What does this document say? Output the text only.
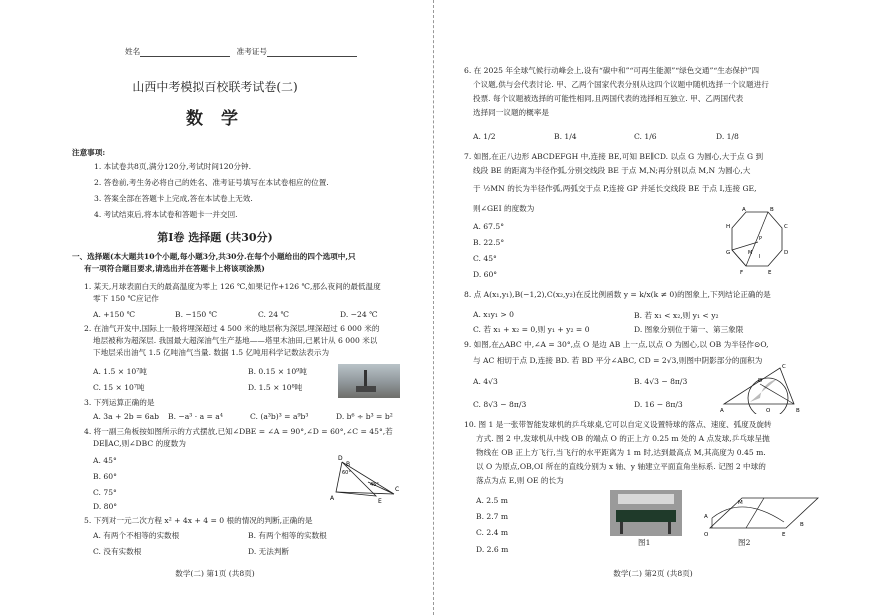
姓名	准考证号
山西中考模拟百校联考试卷(二)
数 学
注意事项:
1. 本试卷共8页,满分120分,考试时间120分钟.
2. 答卷前,考生务必将自己的姓名、准考证号填写在本试卷相应的位置.
3. 答案全部在答题卡上完成,答在本试卷上无效.
4. 考试结束后,将本试卷和答题卡一并交回.
第Ⅰ卷 选择题 (共30分)
一、选择题(本大题共10个小题,每小题3分,共30分.在每个小题给出的四个选项中,只
有一项符合题目要求,请选出并在答题卡上将该项涂黑)
1. 某天,月球表面白天的最高温度为零上 126 ℃,如果记作+126 ℃,那么夜间的最低温度
零下 150 ℃应记作
A. +150 ℃	B. −150 ℃	C. 24 ℃	D. −24 ℃
2. 在油气开发中,国际上一般将埋深超过 4 500 米的地层称为深层,埋深超过 6 000 米的
地层被称为超深层. 我国最大超深油气生产基地——塔里木油田,已累计从 6 000 米以
下地层采出油气 1.5 亿吨油气当量. 数据 1.5 亿吨用科学记数法表示为
A. 1.5 × 10⁷吨	B. 0.15 × 10⁹吨
C. 15 × 10⁷吨	D. 1.5 × 10⁸吨
3. 下列运算正确的是
A. 3a + 2b = 6ab B. −a³ · a = a⁴	C. (a³b)³ = a⁹b³	D. b⁶ ÷ b³ = b²
4. 将一副三角板按如图所示的方式摆放,已知∠DBE = ∠A = 90°,∠D = 60°,∠C = 45°,若
DE∥AC,则∠DBC 的度数为
A. 45°
B. 60°
C. 75°
D. 80°
D
B
60°
45°
C
E
A
5. 下列对一元二次方程 x² + 4x + 4 = 0 根的情况的判断,正确的是
A. 有两个不相等的实数根	B. 有两个相等的实数根
C. 没有实数根	D. 无法判断
数学(二) 第1页 (共8页)
6. 在 2025 年全球气候行动峰会上,设有“碳中和”“可再生能源”“绿色交通”“生态保护”四
个议题,供与会代表讨论. 甲、乙两个国家代表分别从这四个议题中随机选择一个议题进行
投票. 每个议题被选择的可能性相同,且两国代表的选择相互独立. 甲、乙两国代表
选择同一议题的概率是
A. 1/2	B. 1/4	C. 1/6	D. 1/8
7. 如图,在正八边形 ABCDEFGH 中,连接 BE,可知 BE∥CD. 以点 G 为圆心,大于点 G 到
线段 BE 的距离为半径作弧,分别交线段 BE 于点 M,N;再分别以点 M,N 为圆心,大
于 ½MN 的长为半径作弧,两弧交于点 P,连接 GP 并延长交线段 BE 于点 I,连接 GE,
则∠GEI 的度数为
A. 67.5°
B. 22.5°
C. 45°
D. 60°
A	B
H	C
G
P
D
M
I
F	E
8. 点 A(x₁,y₁),B(−1,2),C(x₂,y₂)在反比例函数 y = k/x(k ≠ 0)的图象上,下列结论正确的是
A. x₁y₁ > 0	B. 若 x₁ < x₂,则 y₁ < y₂
C. 若 x₁ + x₂ = 0,则 y₁ + y₂ = 0	D. 图象分别位于第一、第三象限
9. 如图,在△ABC 中,∠A = 30°,点 O 是边 AB 上一点,以点 O 为圆心,以 OB 为半径作⊙O,
与 AC 相切于点 D,连接 BD. 若 BD 平分∠ABC, CD = 2√3,则图中阴影部分的面积为
A. 4√3	B. 4√3 − 8π/3
C. 8√3 − 8π/3	D. 16 − 8π/3
C
D
A	O	B
10. 图 1 是一张带智能发球机的乒乓球桌,它可以自定义设置特球的落点、速度、弧度及旋转
方式. 图 2 中,发球机从中线 OB 的端点 O 的正上方 0.25 m 处的 A 点发球,乒乓球呈抛
物线在 OB 正上方飞行,当飞行的水平距离为 1 m 时,达到最高点 M,其高度为 0.45 m.
以 O 为原点,OB,OI 所在的直线分别为 x 轴、y 轴建立平面直角坐标系. 记图 2 中球的
落点为点 E,则 OE 的长为
A. 2.5 m
B. 2.7 m
C. 2.4 m
D. 2.6 m
图1
M
A
O	E
B
图2
数学(二) 第2页 (共8页)
